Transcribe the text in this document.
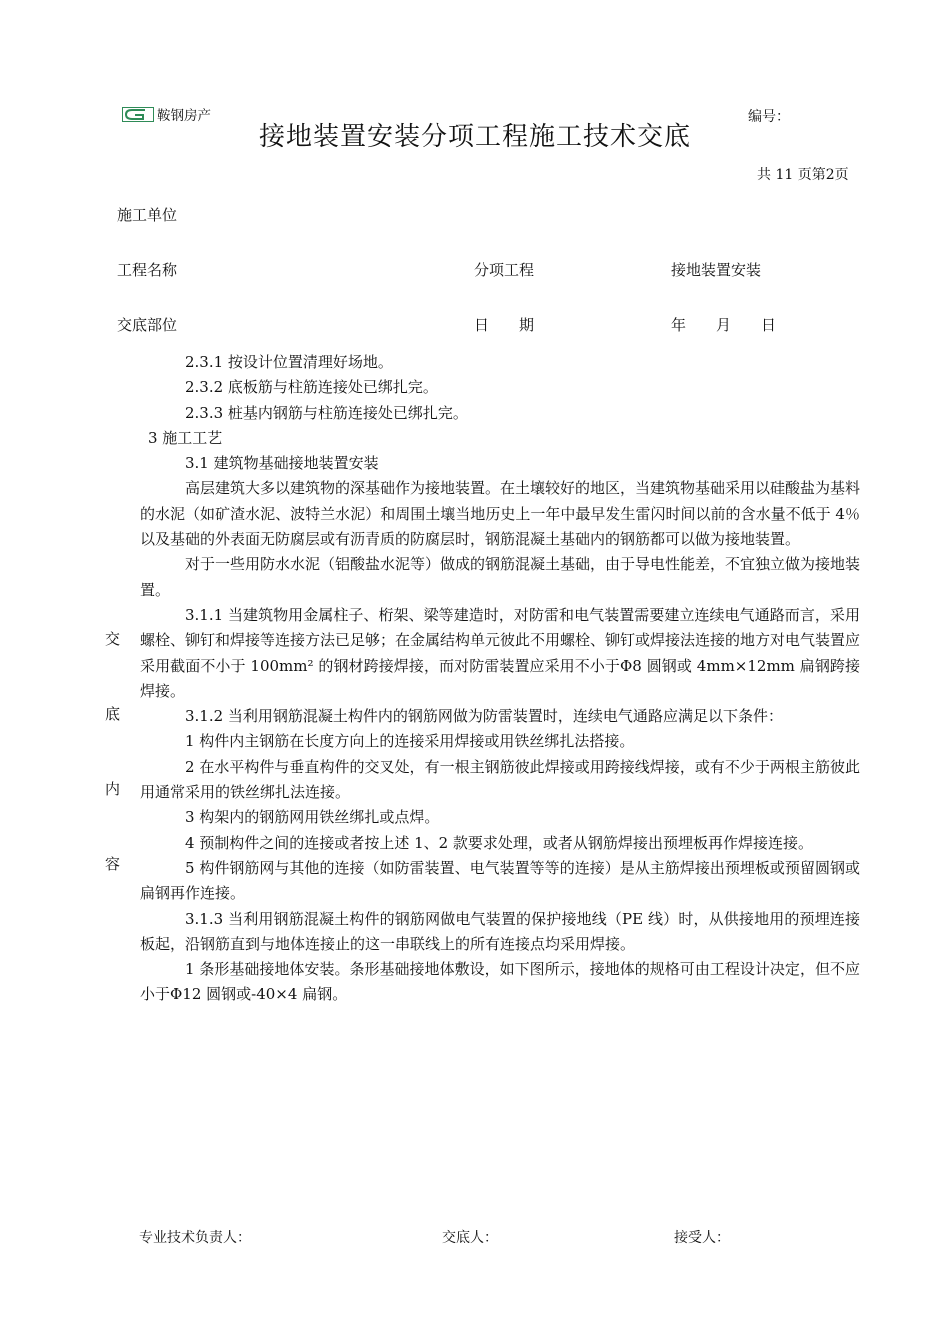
鞍钢房产
接地装置安装分项工程施工技术交底
编号：
共 11 页第2页
施工单位
工程名称	分项工程	接地装置安装
交底部位	日　　期	年　　月　　日
交
底
内
容

2.3.1 按设计位置清理好场地。

2.3.2 底板筋与柱筋连接处已绑扎完。

2.3.3 桩基内钢筋与柱筋连接处已绑扎完。

3 施工工艺

3.1 建筑物基础接地装置安装

高层建筑大多以建筑物的深基础作为接地装置。在土壤较好的地区，当建筑物基础采用以硅酸盐为基料的水泥（如矿渣水泥、波特兰水泥）和周围土壤当地历史上一年中最早发生雷闪时间以前的含水量不低于 4％以及基础的外表面无防腐层或有沥青质的防腐层时，钢筋混凝土基础内的钢筋都可以做为接地装置。

对于一些用防水水泥（铝酸盐水泥等）做成的钢筋混凝土基础，由于导电性能差，不宜独立做为接地装置。

3.1.1 当建筑物用金属柱子、桁架、梁等建造时，对防雷和电气装置需要建立连续电气通路而言，采用螺栓、铆钉和焊接等连接方法已足够；在金属结构单元彼此不用螺栓、铆钉或焊接法连接的地方对电气装置应采用截面不小于 100mm² 的钢材跨接焊接，而对防雷装置应采用不小于Φ8 圆钢或 4mm×12mm 扁钢跨接焊接。

3.1.2 当利用钢筋混凝土构件内的钢筋网做为防雷装置时，连续电气通路应满足以下条件：

1 构件内主钢筋在长度方向上的连接采用焊接或用铁丝绑扎法搭接。

2 在水平构件与垂直构件的交叉处，有一根主钢筋彼此焊接或用跨接线焊接，或有不少于两根主筋彼此用通常采用的铁丝绑扎法连接。

3 构架内的钢筋网用铁丝绑扎或点焊。

4 预制构件之间的连接或者按上述 1、2 款要求处理，或者从钢筋焊接出预埋板再作焊接连接。

5 构件钢筋网与其他的连接（如防雷装置、电气装置等等的连接）是从主筋焊接出预埋板或预留圆钢或扁钢再作连接。

3.1.3 当利用钢筋混凝土构件的钢筋网做电气装置的保护接地线（PE 线）时，从供接地用的预埋连接板起，沿钢筋直到与地体连接止的这一串联线上的所有连接点均采用焊接。

1 条形基础接地体安装。条形基础接地体敷设，如下图所示，接地体的规格可由工程设计决定，但不应小于Φ12 圆钢或-40×4 扁钢。

专业技术负责人：	交底人：	接受人：
